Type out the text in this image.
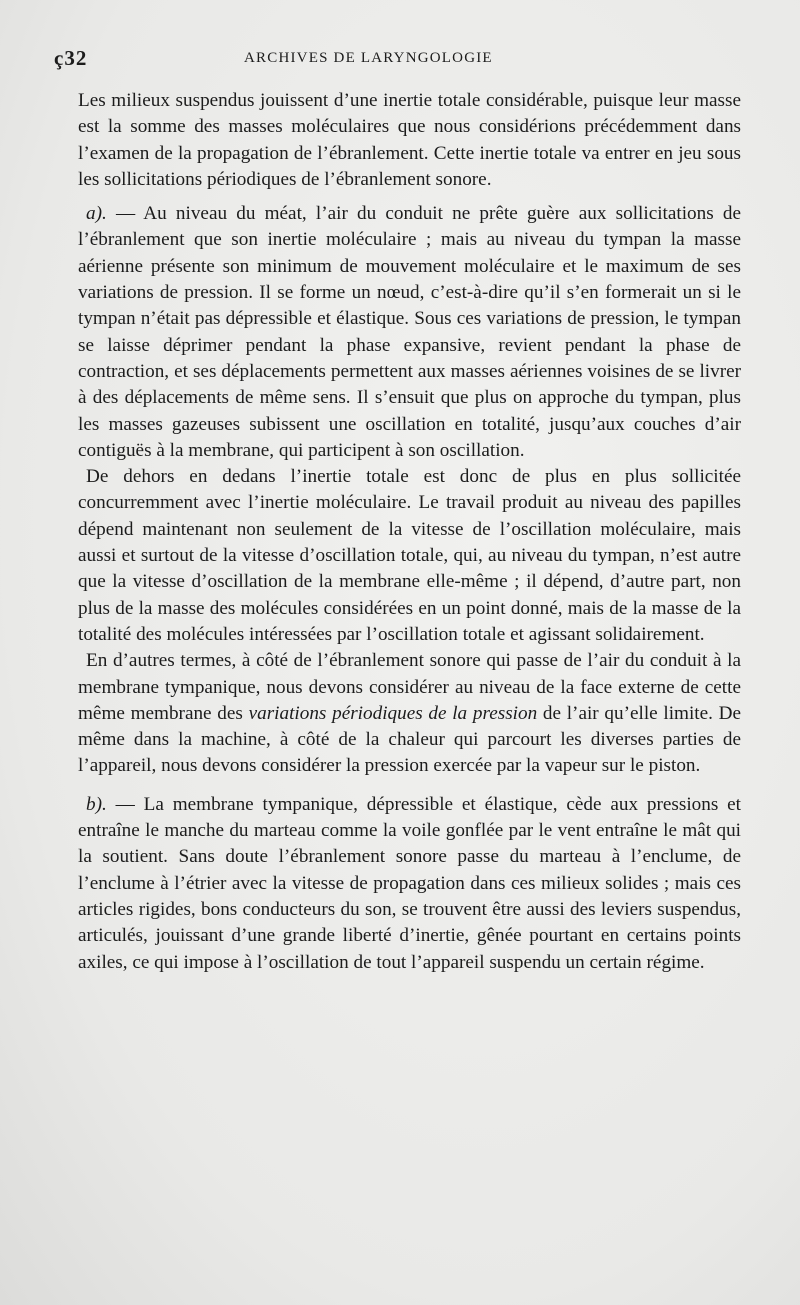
ç32	ARCHIVES DE LARYNGOLOGIE

Les milieux suspendus jouissent d’une inertie totale considérable, puisque leur masse est la somme des masses moléculaires que nous considérions précédemment dans l’examen de la propagation de l’ébranlement. Cette inertie totale va entrer en jeu sous les sollicitations périodiques de l’ébranlement sonore.

a). — Au niveau du méat, l’air du conduit ne prête guère aux sollicitations de l’ébranlement que son inertie moléculaire ; mais au niveau du tympan la masse aérienne présente son minimum de mouvement moléculaire et le maximum de ses variations de pression. Il se forme un nœud, c’est-à-dire qu’il s’en formerait un si le tympan n’était pas dépressible et élastique. Sous ces variations de pression, le tympan se laisse déprimer pendant la phase expansive, revient pendant la phase de contraction, et ses déplacements permettent aux masses aériennes voisines de se livrer à des déplacements de même sens. Il s’ensuit que plus on approche du tympan, plus les masses gazeuses subissent une oscillation en totalité, jusqu’aux couches d’air contiguës à la membrane, qui participent à son oscillation.

De dehors en dedans l’inertie totale est donc de plus en plus sollicitée concurremment avec l’inertie moléculaire. Le travail produit au niveau des papilles dépend maintenant non seulement de la vitesse de l’oscillation moléculaire, mais aussi et surtout de la vitesse d’oscillation totale, qui, au niveau du tympan, n’est autre que la vitesse d’oscillation de la membrane elle-même ; il dépend, d’autre part, non plus de la masse des molécules considérées en un point donné, mais de la masse de la totalité des molécules intéressées par l’oscillation totale et agissant solidairement.

En d’autres termes, à côté de l’ébranlement sonore qui passe de l’air du conduit à la membrane tympanique, nous devons considérer au niveau de la face externe de cette même membrane des variations périodiques de la pression de l’air qu’elle limite. De même dans la machine, à côté de la chaleur qui parcourt les diverses parties de l’appareil, nous devons considérer la pression exercée par la vapeur sur le piston.

b). — La membrane tympanique, dépressible et élastique, cède aux pressions et entraîne le manche du marteau comme la voile gonflée par le vent entraîne le mât qui la soutient. Sans doute l’ébranlement sonore passe du marteau à l’enclume, de l’enclume à l’étrier avec la vitesse de propagation dans ces milieux solides ; mais ces articles rigides, bons conducteurs du son, se trouvent être aussi des leviers suspendus, articulés, jouissant d’une grande liberté d’inertie, gênée pourtant en certains points axiles, ce qui impose à l’oscillation de tout l’appareil suspendu un certain régime.
